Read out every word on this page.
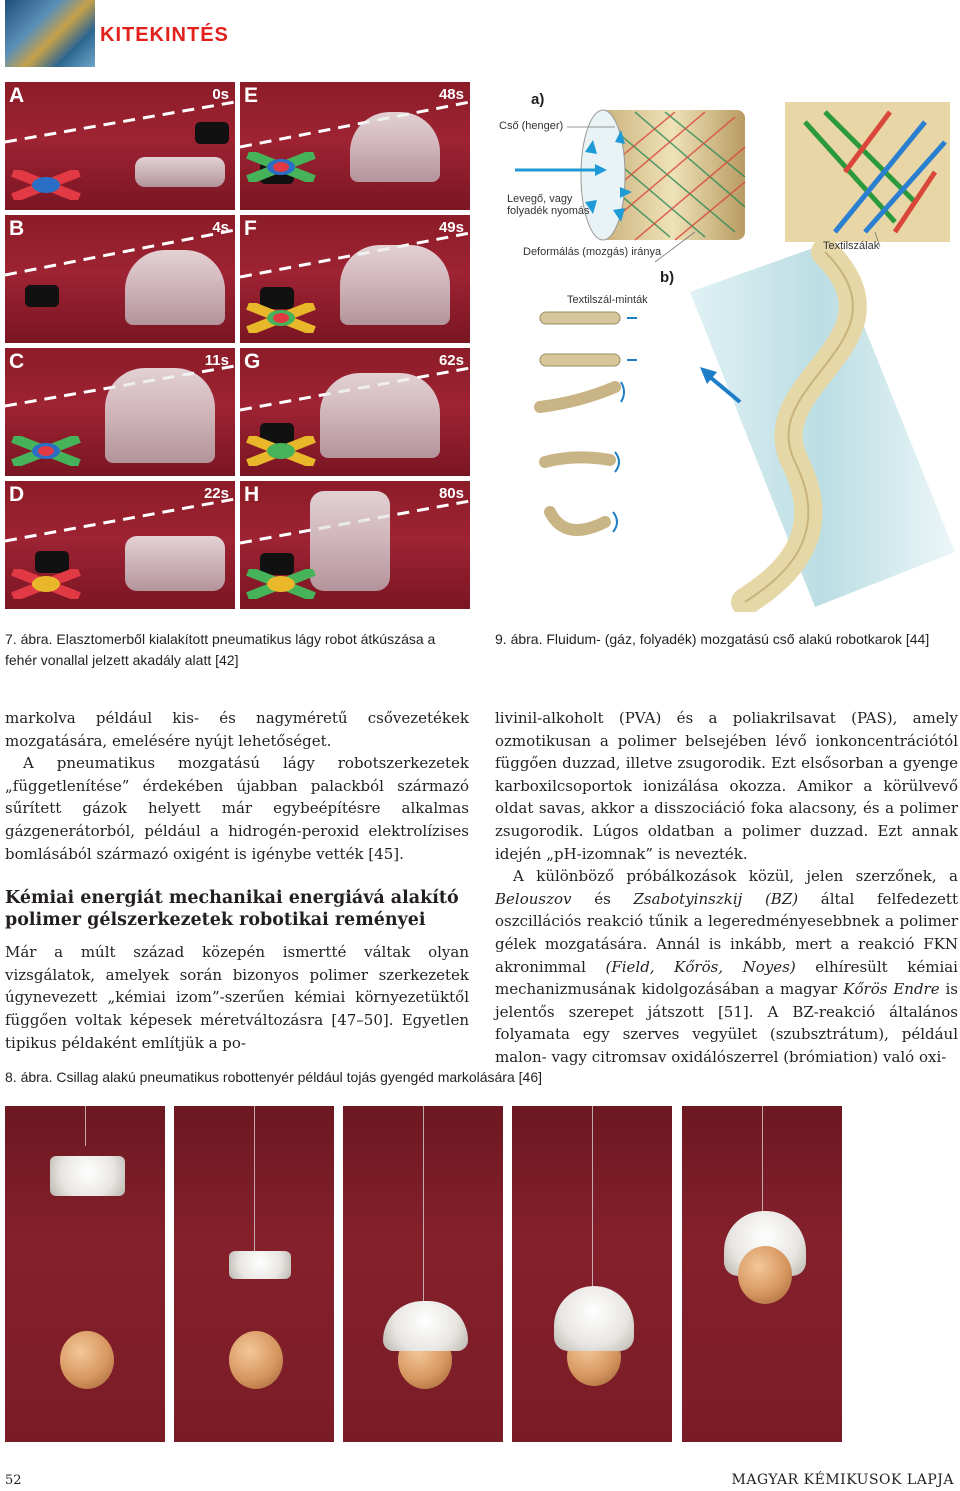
KITEKINTÉS
A	0s E	48s
B	4s F	49s
C	11s G	62s
D	22s H	80s
a)
Cső (henger)
Levegő, vagy folyadék nyomás
Deformálás (mozgás) iránya	Textilszálak
b)
Textilszál-minták
7. ábra. Elasztomerből kialakított pneumatikus lágy robot átkúszása a fehér vonallal jelzett akadály alatt [42]
9. ábra. Fluidum- (gáz, folyadék) mozgatású cső alakú robotkarok [44]

markolva például kis- és nagyméretű csővezetékek mozgatására, emelésére nyújt lehetőséget.

A pneumatikus mozgatású lágy robotszerkezetek „függetlenítése” érdekében újabban palackból származó sűrített gázok helyett már egybeépítésre alkalmas gázgenerátorból, például a hidrogén-peroxid elektrolízises bomlásából származó oxigént is igénybe vették [45].

Kémiai energiát mechanikai energiává alakító polimer gélszerkezetek robotikai reményei

Már a múlt század közepén ismertté váltak olyan vizsgálatok, amelyek során bizonyos polimer szerkezetek úgynevezett „kémiai izom”-szerűen kémiai környezetüktől függően voltak képesek méretváltozásra [47–50]. Egyetlen tipikus példaként említjük a po-

livinil-alkoholt (PVA) és a poliakrilsavat (PAS), amely ozmotikusan a polimer belsejében lévő ionkoncentrációtól függően duzzad, illetve zsugorodik. Ezt elsősorban a gyenge karboxilcsoportok ionizálása okozza. Amikor a körülvevő oldat savas, akkor a disszociáció foka alacsony, és a polimer zsugorodik. Lúgos oldatban a polimer duzzad. Ezt annak idején „pH-izomnak” is nevezték.

A különböző próbálkozások közül, jelen szerzőnek, a Belouszov és Zsabotyinszkij (BZ) által felfedezett oszcillációs reakció tűnik a legeredményesebbnek a polimer gélek mozgatására. Annál is inkább, mert a reakció FKN akronimmal (Field, Kőrös, Noyes) elhíresült kémiai mechanizmusának kidolgozásában a magyar Kőrös Endre is jelentős szerepet játszott [51]. A BZ-reakció általános folyamata egy szerves vegyület (szubsztrátum), például malon- vagy citromsav oxidálószerrel (brómiation) való oxi-

8. ábra. Csillag alakú pneumatikus robottenyér például tojás gyengéd markolására [46]
52	MAGYAR KÉMIKUSOK LAPJA
